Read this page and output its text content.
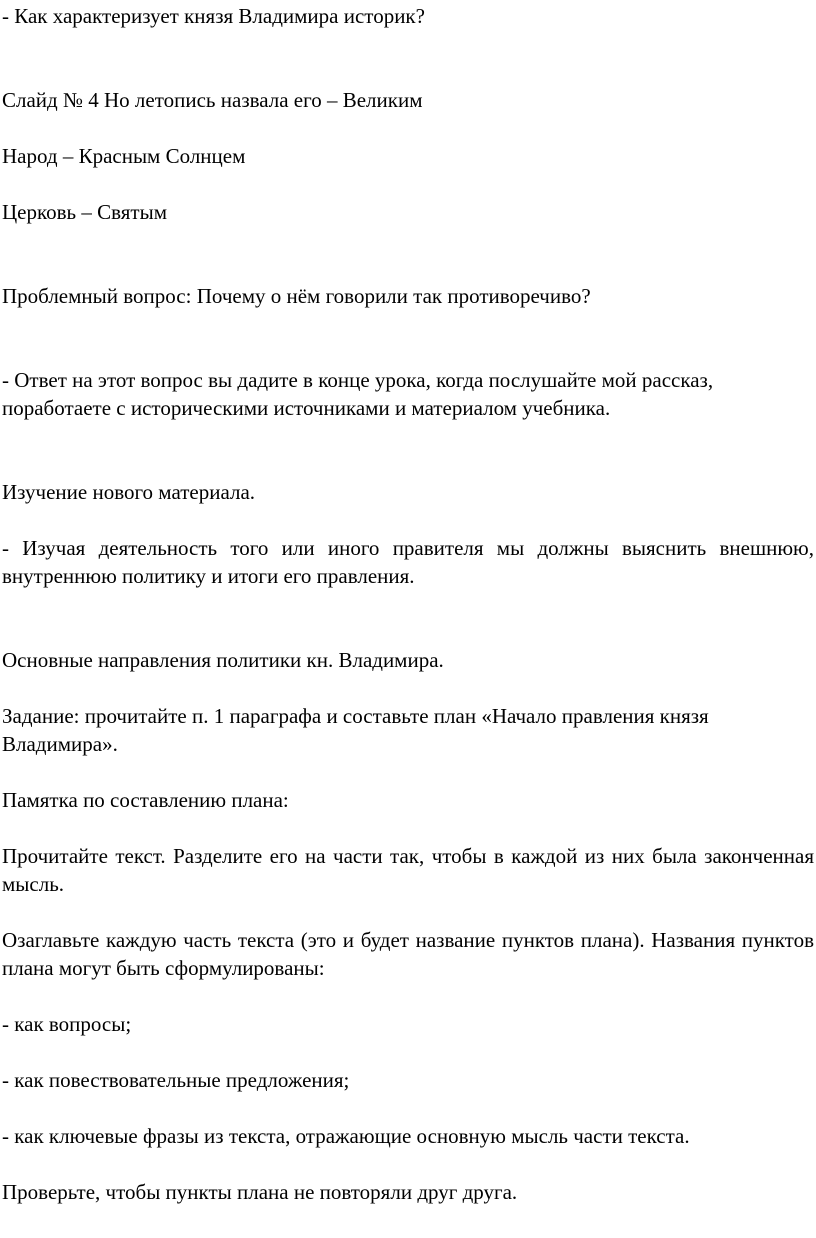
- Как характеризует князя Владимира историк?

Слайд № 4 Но летопись назвала его – Великим

Народ – Красным Солнцем

Церковь – Святым

Проблемный вопрос: Почему о нём говорили так противоречиво?

- Ответ на этот вопрос вы дадите в конце урока, когда послушайте мой рассказ, поработаете с историческими источниками и материалом учебника.

Изучение нового материала.

- Изучая деятельность того или иного правителя мы должны выяснить внешнюю, внутреннюю политику и итоги его правления.

Основные направления политики кн. Владимира.

Задание: прочитайте п. 1 параграфа и составьте план «Начало правления князя Владимира».

Памятка по составлению плана:

Прочитайте текст. Разделите его на части так, чтобы в каждой из них была законченная мысль.

Озаглавьте каждую часть текста (это и будет название пунктов плана). Названия пунктов плана могут быть сформулированы:

- как вопросы;

- как повествовательные предложения;

- как ключевые фразы из текста, отражающие основную мысль части текста.

Проверьте, чтобы пункты плана не повторяли друг друга.
